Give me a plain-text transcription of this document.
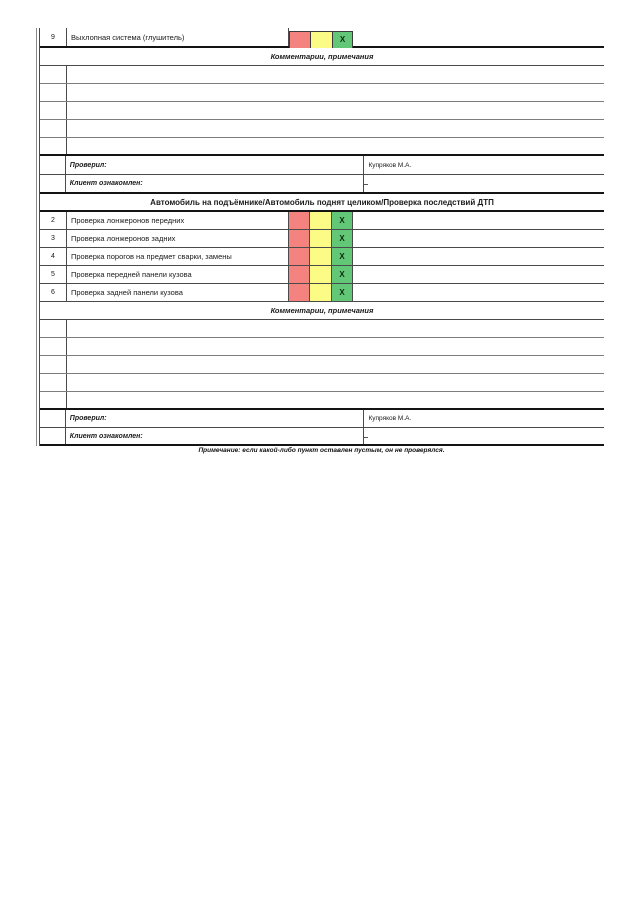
9	Выхлопная система (глушитель)	X
Комментарии, примечания
Проверил:	Купряков М.А.
Клиент ознакомлен:
Автомобиль на подъёмнике/Автомобиль поднят целиком/Проверка последствий ДТП
2	Проверка лонжеронов передних	X
3	Проверка лонжеронов задних	X
4	Проверка порогов на предмет сварки, замены	X
5	Проверка передней панели кузова	X
6	Проверка задней панели кузова	X
Комментарии, примечания
Проверил:	Купряков М.А.
Клиент ознакомлен:
Примечание: если какой-либо пункт оставлен пустым, он не проверялся.
